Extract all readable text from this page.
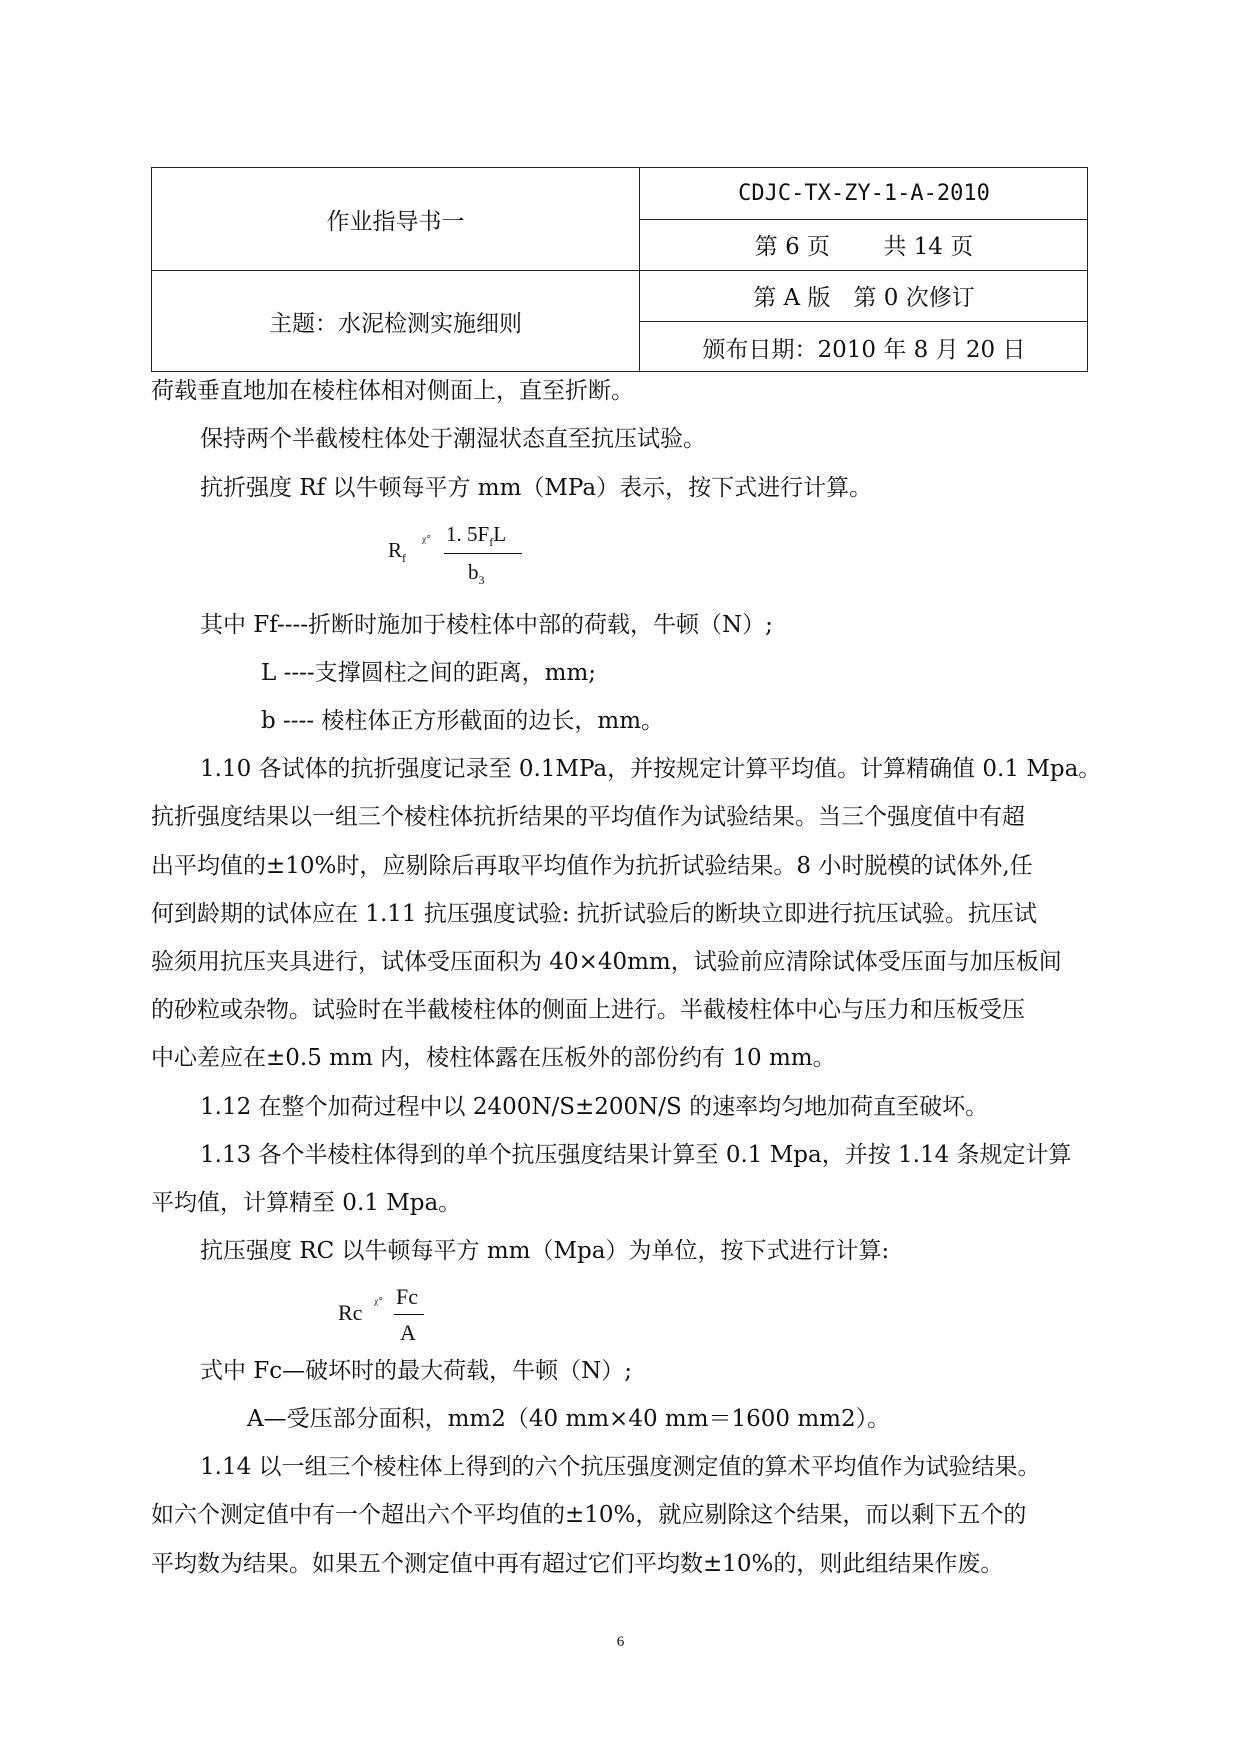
作业指导书一
CDJC-TX-ZY-1-A-2010
第 6 页　　 共 14 页
主题：水泥检测实施细则
第 A 版　第 0 次修订
颁布日期：2010 年 8 月 20 日
荷载垂直地加在棱柱体相对侧面上，直至折断。
保持两个半截棱柱体处于潮湿状态直至抗压试验。
抗折强度 Rf 以牛顿每平方 mm（MPa）表示，按下式进行计算。
$R_f$
ᵡ˚ 1. $5F_fL$
$b_3$
其中 Ff----折断时施加于棱柱体中部的荷载，牛顿（N）;
L ----支撑圆柱之间的距离，mm;
b ---- 棱柱体正方形截面的边长，mm。
1.10 各试体的抗折强度记录至 0.1MPa，并按规定计算平均值。计算精确值 0.1 Mpa。
抗折强度结果以一组三个棱柱体抗折结果的平均值作为试验结果。当三个强度值中有超
出平均值的±10%时，应剔除后再取平均值作为抗折试验结果。8 小时脱模的试体外,任
何到龄期的试体应在 1.11 抗压强度试验: 抗折试验后的断块立即进行抗压试验。抗压试
验须用抗压夹具进行，试体受压面积为 40×40mm，试验前应清除试体受压面与加压板间
的砂粒或杂物。试验时在半截棱柱体的侧面上进行。半截棱柱体中心与压力和压板受压
中心差应在±0.5 mm 内，棱柱体露在压板外的部份约有 10 mm。
1.12 在整个加荷过程中以 2400N/S±200N/S 的速率均匀地加荷直至破坏。
1.13 各个半棱柱体得到的单个抗压强度结果计算至 0.1 Mpa，并按 1.14 条规定计算
平均值，计算精至 0.1 Mpa。
抗压强度 RC 以牛顿每平方 mm（Mpa）为单位，按下式进行计算:
Rc ᵡ˚ Fc
A
式中 Fc—破坏时的最大荷载，牛顿（N）;
A—受压部分面积，mm2（40 mm×40 mm＝1600 mm2）。
1.14 以一组三个棱柱体上得到的六个抗压强度测定值的算术平均值作为试验结果。
如六个测定值中有一个超出六个平均值的±10%，就应剔除这个结果，而以剩下五个的
平均数为结果。如果五个测定值中再有超过它们平均数±10%的，则此组结果作废。
6
